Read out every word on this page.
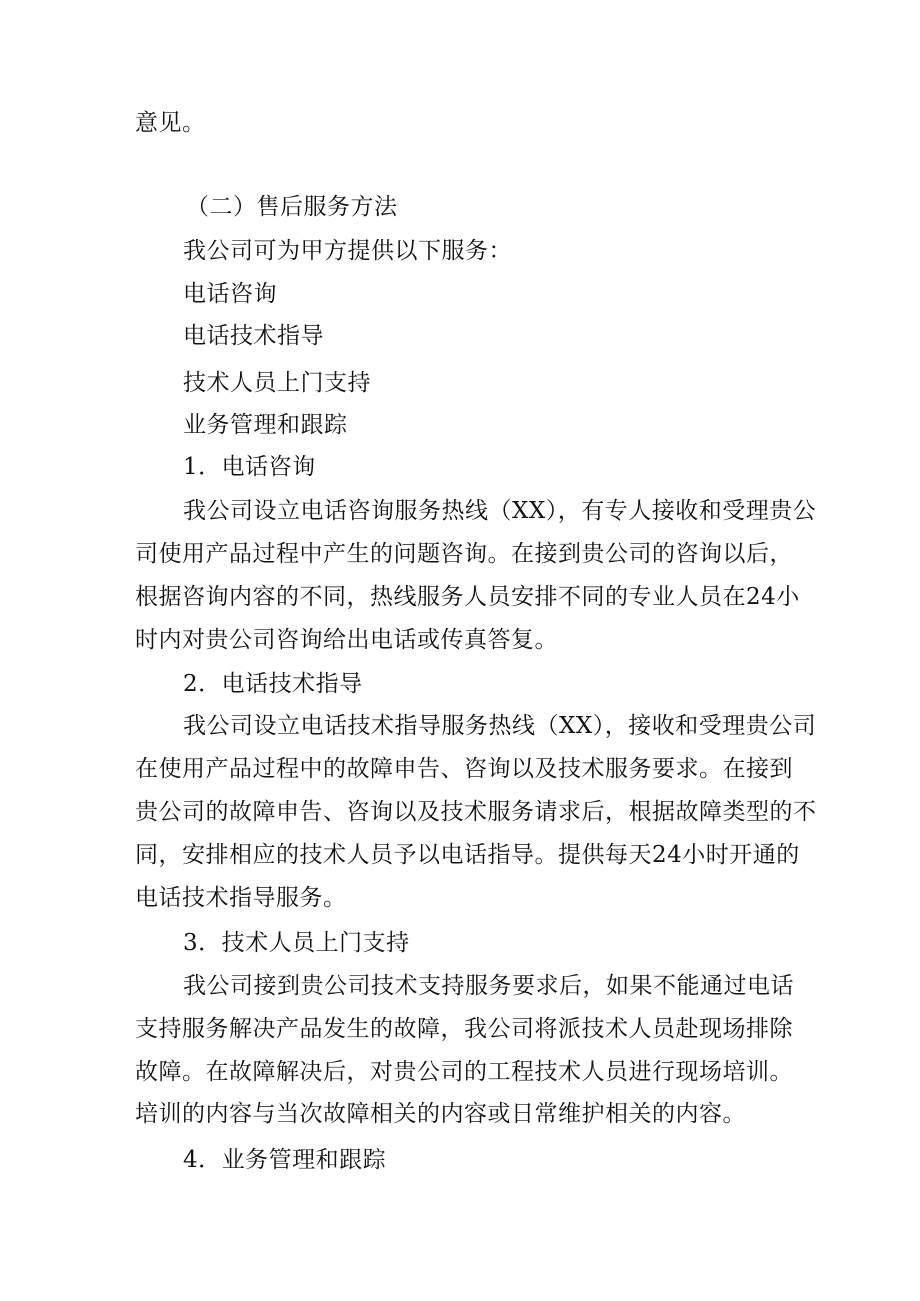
意见。
（二）售后服务方法
我公司可为甲方提供以下服务：
电话咨询
电话技术指导
技术人员上门支持
业务管理和跟踪
1．电话咨询
我公司设立电话咨询服务热线（XX），有专人接收和受理贵公
司使用产品过程中产生的问题咨询。在接到贵公司的咨询以后，
根据咨询内容的不同，热线服务人员安排不同的专业人员在24小
时内对贵公司咨询给出电话或传真答复。
2．电话技术指导
我公司设立电话技术指导服务热线（XX），接收和受理贵公司
在使用产品过程中的故障申告、咨询以及技术服务要求。在接到
贵公司的故障申告、咨询以及技术服务请求后，根据故障类型的不
同，安排相应的技术人员予以电话指导。提供每天24小时开通的
电话技术指导服务。
3．技术人员上门支持
我公司接到贵公司技术支持服务要求后，如果不能通过电话
支持服务解决产品发生的故障，我公司将派技术人员赴现场排除
故障。在故障解决后，对贵公司的工程技术人员进行现场培训。
培训的内容与当次故障相关的内容或日常维护相关的内容。
4．业务管理和跟踪
